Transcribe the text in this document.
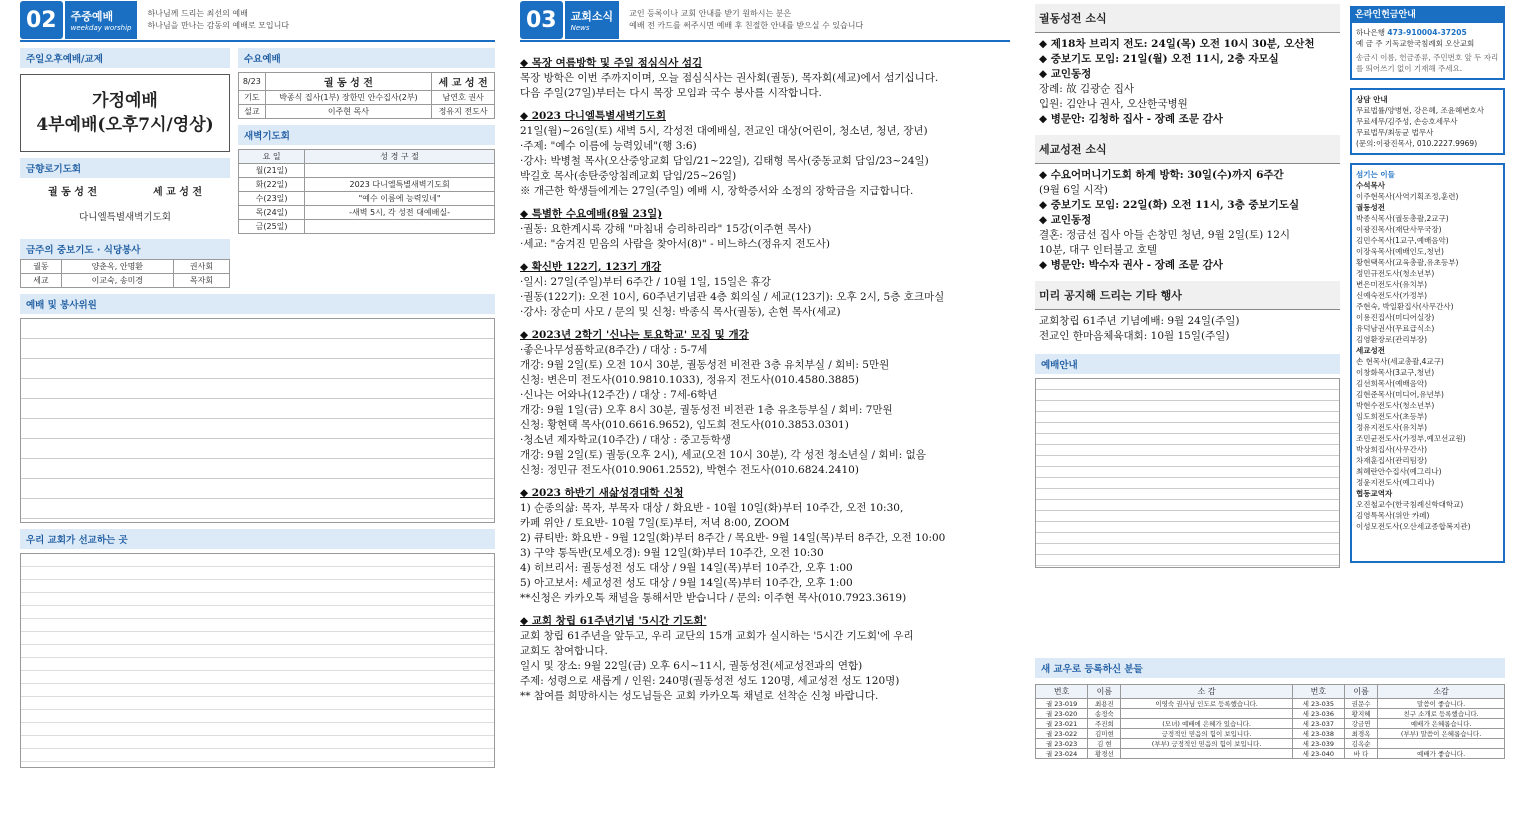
02	주중예배
weekday worship
하나님께 드리는 최선의 예배
하나님을 만나는 감동의 예배로 모입니다
주일오후예배/교제
가정예배
4부예배(오후7시/영상)
금향로기도회
궐 동 성 전	세 교 성 전
다니엘특별새벽기도회
금주의 중보기도 · 식당봉사
궐동	양춘옥, 안명환	권사회
세교	이교숙, 송미경	목자회
수요예배
8/23	궐 동 성 전	세 교 성 전
기도	박종식 집사(1부) 장한민 안수집사(2부)	남연호 권사
설교	이주현 목사	정유지 전도사
새벽기도회
요 일	성 경 구 절
월(21일)	
화(22일)	2023 다니엘특별새벽기도회
수(23일)	"예수 이름에 능력있네"
목(24일)	-새벽 5시, 각 성전 대예배실-
금(25일)	
예배 및 봉사위원
우리 교회가 선교하는 곳
03	교회소식
News
교인 등록이나 교회 안내를 받기 원하시는 분은
예배 전 카드를 써주시면 예배 후 친절한 안내를 받으실 수 있습니다
◆ 목장 여름방학 및 주일 점심식사 섬김
목장 방학은 이번 주까지이며, 오늘 점심식사는 권사회(궐동), 목자회(세교)에서 섬기십니다.
다음 주일(27일)부터는 다시 목장 모임과 국수 봉사를 시작합니다.
◆ 2023 다니엘특별새벽기도회
21일(월)~26일(토) 새벽 5시, 각성전 대예배실, 전교인 대상(어린이, 청소년, 청년, 장년)
·주제: "예수 이름에 능력있네"(행 3:6)
·강사: 박병철 목사(오산중앙교회 담임/21~22일), 김태형 목사(중동교회 담임/23~24일)
박길호 목사(송탄중앙침례교회 담임/25~26일)
※ 개근한 학생들에게는 27일(주일) 예배 시, 장학증서와 소정의 장학금을 지급합니다.
◆ 특별한 수요예배(8월 23일)
·궐동: 요한계시록 강해 "마침내 승리하리라" 15강(이주현 목사)
·세교: "숨겨진 믿음의 사람을 찾아서(8)" - 비느하스(정유지 전도사)
◆ 확신반 122기, 123기 개강
·일시: 27일(주일)부터 6주간 / 10월 1일, 15일은 휴강
·궐동(122기): 오전 10시, 60주년기념관 4층 회의실 / 세교(123기): 오후 2시, 5층 호크마실
·강사: 장순미 사모 / 문의 및 신청: 박종식 목사(궐동), 손현 목사(세교)
◆ 2023년 2학기 '신나는 토요학교' 모집 및 개강
·좋은나무성품학교(8주간) / 대상 : 5-7세
개강: 9월 2일(토) 오전 10시 30분, 궐동성전 비전관 3층 유치부실 / 회비: 5만원
신청: 변은미 전도사(010.9810.1033), 정유지 전도사(010.4580.3885)
·신나는 어와나(12주간) / 대상 : 7세-6학년
개강: 9월 1일(금) 오후 8시 30분, 궐동성전 비전관 1층 유초등부실 / 회비: 7만원
신청: 황현택 목사(010.6616.9652), 임도희 전도사(010.3853.0301)
·청소년 제자학교(10주간) / 대상 : 중고등학생
개강: 9월 2일(토) 궐동(오후 2시), 세교(오전 10시 30분), 각 성전 청소년실 / 회비: 없음
신청: 정민규 전도사(010.9061.2552), 박현수 전도사(010.6824.2410)
◆ 2023 하반기 새삶성경대학 신청
1) 순종의삶: 목자, 부목자 대상 / 화요반 - 10월 10일(화)부터 10주간, 오전 10:30,
카페 위안 / 토요반- 10월 7일(토)부터, 저녁 8:00, ZOOM
2) 큐티반: 화요반 - 9월 12일(화)부터 8주간 / 목요반- 9월 14일(목)부터 8주간, 오전 10:00
3) 구약 통독반(모세오경): 9월 12일(화)부터 10주간, 오전 10:30
4) 히브리서: 궐동성전 성도 대상 / 9월 14일(목)부터 10주간, 오후 1:00
5) 아고보서: 세교성전 성도 대상 / 9월 14일(목)부터 10주간, 오후 1:00
**신청은 카카오톡 채널을 통해서만 받습니다 / 문의: 이주현 목사(010.7923.3619)
◆ 교회 창립 61주년기념 '5시간 기도회'
교회 창립 61주년을 앞두고, 우리 교단의 15개 교회가 실시하는 '5시간 기도회'에 우리
교회도 참여합니다.
일시 및 장소: 9월 22일(금) 오후 6시~11시, 궐동성전(세교성전과의 연합)
주제: 성령으로 새롭게 / 인원: 240명(궐동성전 성도 120명, 세교성전 성도 120명)
** 참여를 희망하시는 성도님들은 교회 카카오톡 채널로 선착순 신청 바랍니다.
궐동성전 소식
◆ 제18차 브리지 전도: 24일(목) 오전 10시 30분, 오산천
◆ 중보기도 모임: 21일(월) 오전 11시, 2층 자모실
◆ 교인동정
장례: 故 김광순 집사
입원: 김안나 권사, 오산한국병원
◆ 병문안: 김청하 집사 - 장례 조문 감사
세교성전 소식
◆ 수요어머니기도회 하계 방학: 30일(수)까지 6주간
(9월 6일 시작)
◆ 중보기도 모임: 22일(화) 오전 11시, 3층 중보기도실
◆ 교인동정
결혼: 정금선 집사 아들 손창민 청년, 9월 2일(토) 12시
10분, 대구 인터불고 호텔
◆ 병문안: 박수자 권사 - 장례 조문 감사
미리 공지해 드리는 기타 행사
교회창립 61주년 기념예배: 9월 24일(주일)
전교인 한마음체육대회: 10월 15일(주일)
예배안내
새 교우로 등록하신 분들
번호	이름	소 감	번호	이름	소감
궐 23-019	최용진	이영숙 권사님 인도로 등록했습니다.	세 23-035	권문수	말씀이 좋습니다.
궐 23-020	송정숙		세 23-036	황지혜	친구 소개로 등록했습니다.
궐 23-021	주진희	(모녀) 예배에 은혜가 있습니다.	세 23-037	강금연	예배가 은혜롭습니다.
궐 23-022	김미현	긍정적인 믿음의 힘이 보입니다.	세 23-038	최경옥	(부부) 말씀이 은혜롭습니다.
궐 23-023	김 현	(부부) 긍정적인 믿음의 힘이 보입니다.	세 23-039	김옥순	
궐 23-024	황경선		세 23-040	바 다	예배가 좋습니다.
온라인헌금안내
하나은행 473-910004-37205
예 금 주 기독교한국침례회 오산교회
송금시 이름, 헌금종류, 주민번호 앞 두 자리를 띄어쓰기 없이 기재해 주세요.
상담 안내
무료법률/양병현, 강은혜, 조윤혜변호사
무료세무/김주성, 손승호세무사
무료법무/최동균 법무사
(문의:이광진목사, 010.2227.9969)
섬기는 이들
수석목사
이주현목사(사역기획조정,훈련)
궐동성전
박종식목사(궐동총괄,2교구)
이광진목사(재단사무국장)
김민수목사(1교구,예배음악)
이장욱목사(예배인도,청년)
황현택목사(교육총괄,유초등부)
정민규전도사(청소년부)
변은미전도사(유치부)
신예숙전도사(가정부)
주현숙, 박일환집사(사무간사)
이용진집사(미디어실장)
유덕남권사(무료급식소)
김영환장로(관리부장)
세교성전
손 현목사(세교총괄,4교구)
이창화목사(3교구,청년)
김선희목사(예배음악)
김현준목사(미디어,유년부)
박현수전도사(청소년부)
임도희전도사(초등부)
정유지전도사(유치부)
조민균전도사(가정부,예꼬선교원)
박상희집사(사무간사)
차재훈집사(관리팀장)
최혜란안수집사(예그리나)
정윤지전도사(예그리나)
협동교역자
오진철교수(한국침례신학대학교)
김영특목사(위안 카페)
이성모전도사(오산세교종합복지관)
